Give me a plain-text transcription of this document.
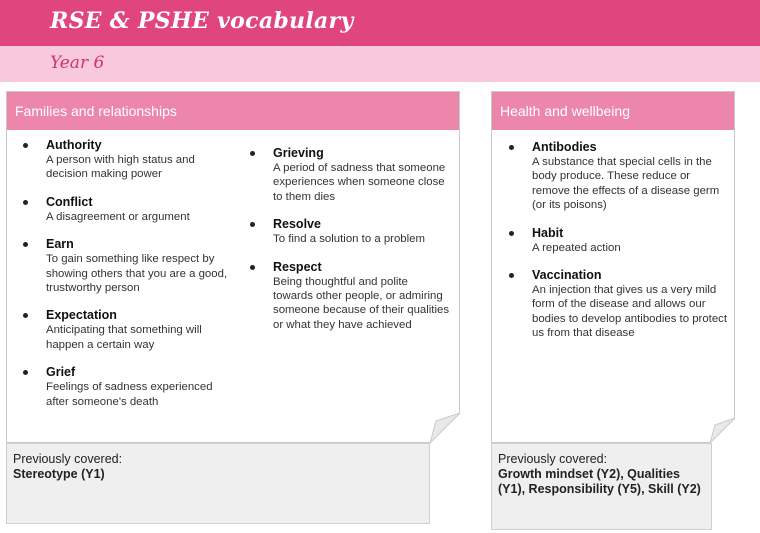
RSE & PSHE vocabulary
Year 6
Families and relationships
Authority
A person with high status and decision making power
Conflict
A disagreement or argument
Earn
To gain something like respect by showing others that you are a good, trustworthy person
Expectation
Anticipating that something will happen a certain way
Grief
Feelings of sadness experienced after someone's death
Grieving
A period of sadness that someone experiences when someone close to them dies
Resolve
To find a solution to a problem
Respect
Being thoughtful and polite towards other people, or admiring someone because of their qualities or what they have achieved
Previously covered:
Stereotype (Y1)
Health and wellbeing
Antibodies
A substance that special cells in the body produce. These reduce or remove the effects of a disease germ (or its poisons)
Habit
A repeated action
Vaccination
An injection that gives us a very mild form of the disease and allows our bodies to develop antibodies to protect us from that disease
Previously covered:
Growth mindset (Y2), Qualities (Y1), Responsibility (Y5), Skill (Y2)
